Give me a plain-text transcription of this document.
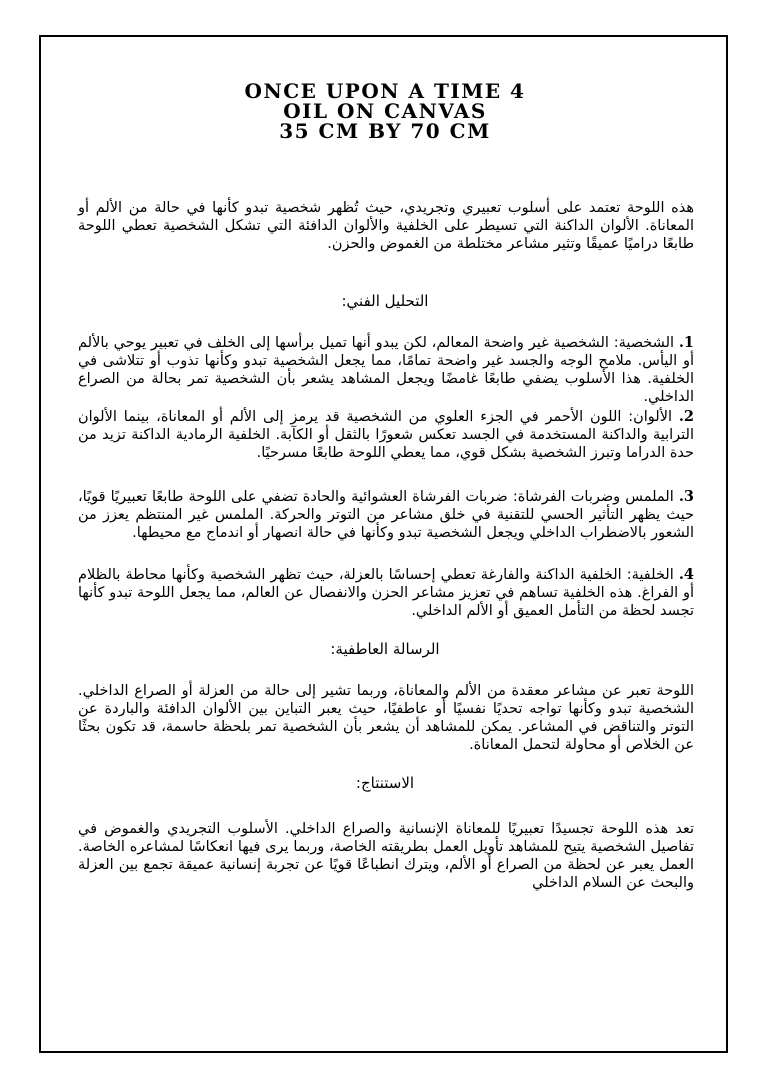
ONCE UPON A TIME 4
OIL ON CANVAS
35 CM BY 70 CM

هذه اللوحة تعتمد على أسلوب تعبيري وتجريدي، حيث تُظهر شخصية تبدو كأنها في حالة من الألم أو المعاناة. الألوان الداكنة التي تسيطر على الخلفية والألوان الدافئة التي تشكل الشخصية تعطي اللوحة طابعًا دراميًا عميقًا وتثير مشاعر مختلطة من الغموض والحزن.

التحليل الفني:

1. الشخصية: الشخصية غير واضحة المعالم، لكن يبدو أنها تميل برأسها إلى الخلف في تعبير يوحي بالألم أو اليأس. ملامح الوجه والجسد غير واضحة تمامًا، مما يجعل الشخصية تبدو وكأنها تذوب أو تتلاشى في الخلفية. هذا الأسلوب يضفي طابعًا غامضًا ويجعل المشاهد يشعر بأن الشخصية تمر بحالة من الصراع الداخلي.

2. الألوان: اللون الأحمر في الجزء العلوي من الشخصية قد يرمز إلى الألم أو المعاناة، بينما الألوان الترابية والداكنة المستخدمة في الجسد تعكس شعورًا بالثقل أو الكآبة. الخلفية الرمادية الداكنة تزيد من حدة الدراما وتبرز الشخصية بشكل قوي، مما يعطي اللوحة طابعًا مسرحيًا.

3. الملمس وضربات الفرشاة: ضربات الفرشاة العشوائية والحادة تضفي على اللوحة طابعًا تعبيريًا قويًا، حيث يظهر التأثير الحسي للتقنية في خلق مشاعر من التوتر والحركة. الملمس غير المنتظم يعزز من الشعور بالاضطراب الداخلي ويجعل الشخصية تبدو وكأنها في حالة انصهار أو اندماج مع محيطها.

4. الخلفية: الخلفية الداكنة والفارغة تعطي إحساسًا بالعزلة، حيث تظهر الشخصية وكأنها محاطة بالظلام أو الفراغ. هذه الخلفية تساهم في تعزيز مشاعر الحزن والانفصال عن العالم، مما يجعل اللوحة تبدو كأنها تجسد لحظة من التأمل العميق أو الألم الداخلي.

الرسالة العاطفية:

اللوحة تعبر عن مشاعر معقدة من الألم والمعاناة، وربما تشير إلى حالة من العزلة أو الصراع الداخلي. الشخصية تبدو وكأنها تواجه تحديًا نفسيًا أو عاطفيًا، حيث يعبر التباين بين الألوان الدافئة والباردة عن التوتر والتناقض في المشاعر. يمكن للمشاهد أن يشعر بأن الشخصية تمر بلحظة حاسمة، قد تكون بحثًا عن الخلاص أو محاولة لتحمل المعاناة.

الاستنتاج:

تعد هذه اللوحة تجسيدًا تعبيريًا للمعاناة الإنسانية والصراع الداخلي. الأسلوب التجريدي والغموض في تفاصيل الشخصية يتيح للمشاهد تأويل العمل بطريقته الخاصة، وربما يرى فيها انعكاسًا لمشاعره الخاصة. العمل يعبر عن لحظة من الصراع أو الألم، ويترك انطباعًا قويًا عن تجربة إنسانية عميقة تجمع بين العزلة والبحث عن السلام الداخلي
